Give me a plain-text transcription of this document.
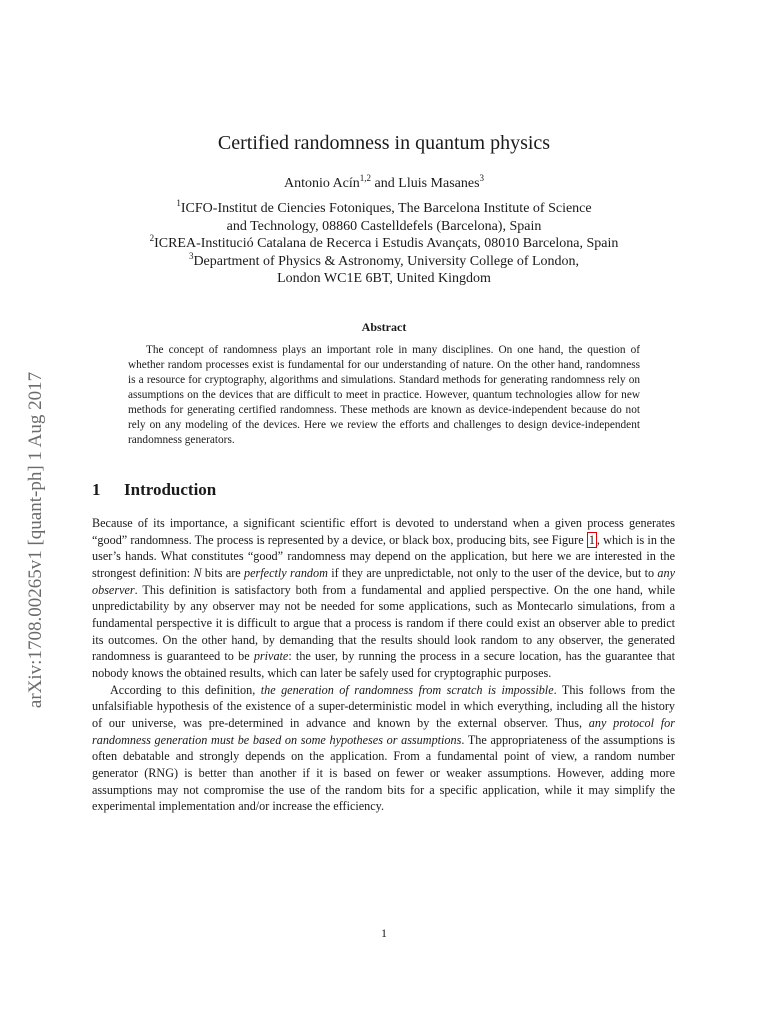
arXiv:1708.00265v1 [quant-ph] 1 Aug 2017
Certified randomness in quantum physics
Antonio Acín$^{1,2}$ and Lluis Masanes$^3$
$^1$ICFO-Institut de Ciencies Fotoniques, The Barcelona Institute of Science
and Technology, 08860 Castelldefels (Barcelona), Spain
$^2$ICREA-Institució Catalana de Recerca i Estudis Avançats, 08010 Barcelona, Spain
$^3$Department of Physics & Astronomy, University College of London,
London WC1E 6BT, United Kingdom
Abstract
The concept of randomness plays an important role in many disciplines. On one hand, the question of whether random processes exist is fundamental for our understanding of nature. On the other hand, randomness is a resource for cryptography, algorithms and simulations. Standard methods for generating randomness rely on assumptions on the devices that are difficult to meet in practice. However, quantum technologies allow for new methods for generating certified randomness. These methods are known as device-independent because do not rely on any modeling of the devices. Here we review the efforts and challenges to design device-independent randomness generators.
1 Introduction

Because of its importance, a significant scientific effort is devoted to understand when a given process generates “good” randomness. The process is represented by a device, or black box, producing bits, see Figure 1 , which is in the user’s hands. What constitutes “good” randomness may depend on the application, but here we are interested in the strongest definition: N bits are perfectly random if they are unpredictable, not only to the user of the device, but to any observer. This definition is satisfactory both from a fundamental and applied perspective. On the one hand, while unpredictability by any observer may not be needed for some applications, such as Montecarlo simulations, from a fundamental perspective it is difficult to argue that a process is random if there could exist an observer able to predict its outcomes. On the other hand, by demanding that the results should look random to any observer, the generated randomness is guaranteed to be private: the user, by running the process in a secure location, has the guarantee that nobody knows the obtained results, which can later be safely used for cryptographic purposes.

According to this definition, the generation of randomness from scratch is impossible. This follows from the unfalsifiable hypothesis of the existence of a super-deterministic model in which everything, including all the history of our universe, was pre-determined in advance and known by the external observer. Thus, any protocol for randomness generation must be based on some hypotheses or assumptions. The appropriateness of the assumptions is often debatable and strongly depends on the application. From a fundamental point of view, a random number generator (RNG) is better than another if it is based on fewer or weaker assumptions. However, adding more assumptions may not compromise the use of the random bits for a specific application, while it may simplify the experimental implementation and/or increase the efficiency.

1
